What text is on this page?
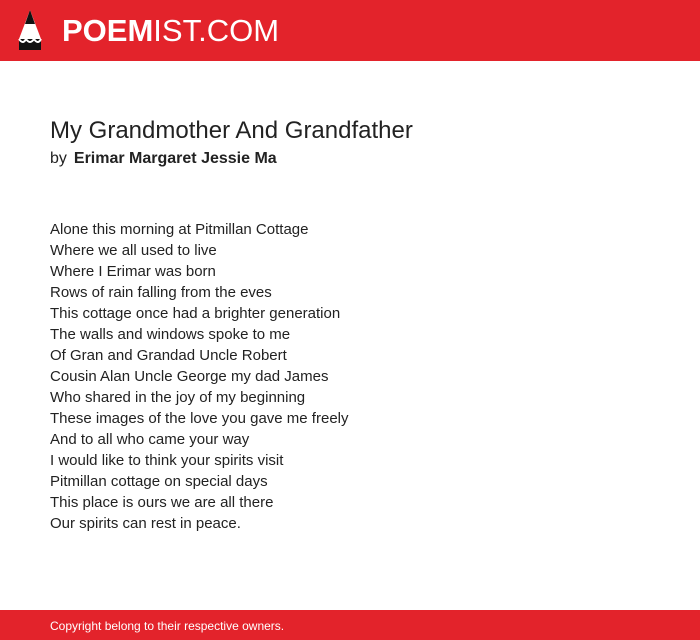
POEMIST.COM
My Grandmother And Grandfather
by Erimar Margaret Jessie Ma
Alone this morning at Pitmillan Cottage
Where we all used to live
Where I Erimar was born
Rows of rain falling from the eves
This cottage once had a brighter generation
The walls and windows spoke to me
Of Gran and Grandad Uncle Robert
Cousin Alan Uncle George my dad James
Who shared in the joy of my beginning
These images of the love you gave me freely
And to all who came your way
I would like to think your spirits visit
Pitmillan cottage on special days
This place is ours we are all there
Our spirits can rest in peace.
Copyright belong to their respective owners.
